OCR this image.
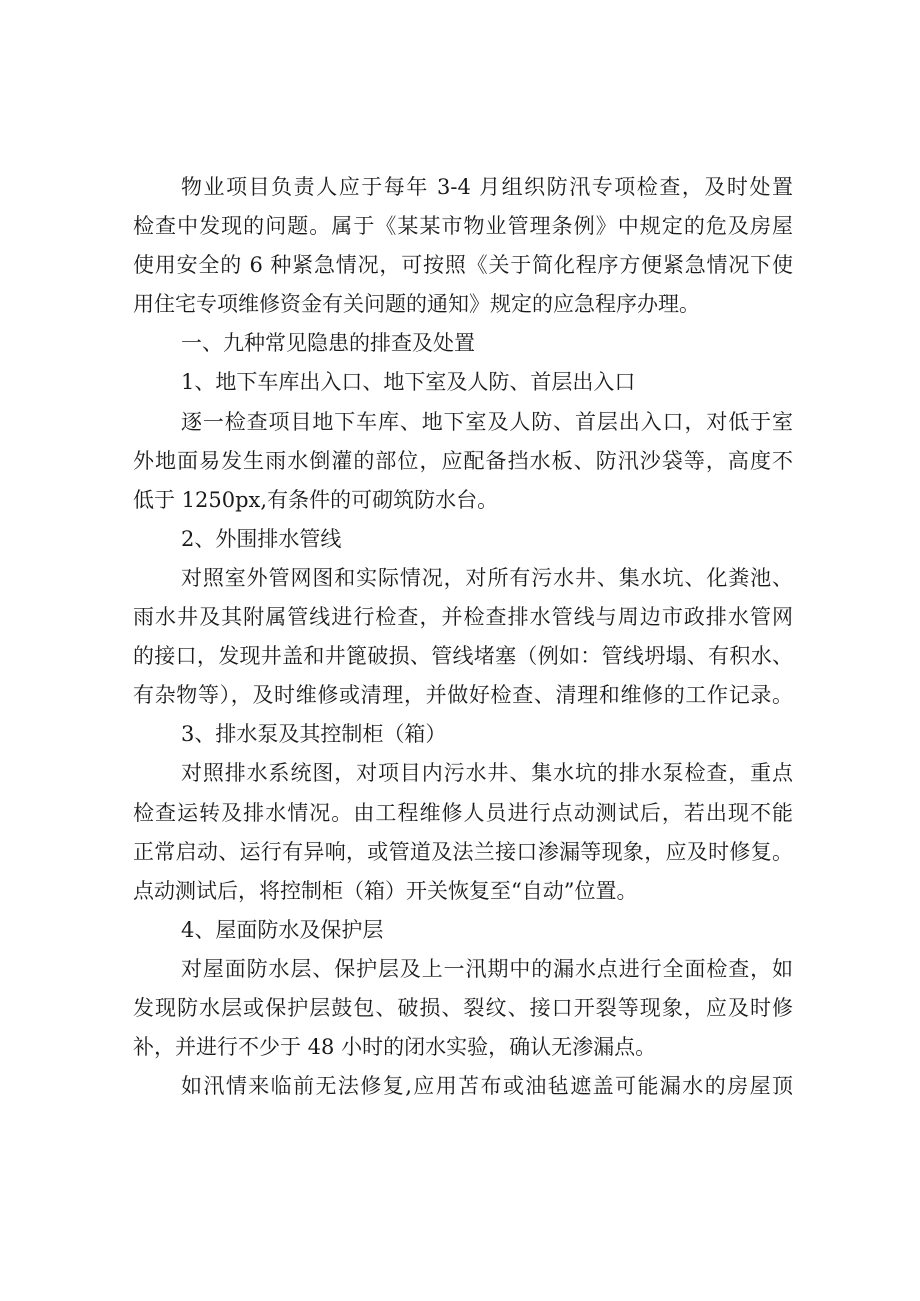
物业项目负责人应于每年 3-4 月组织防汛专项检查，及时处置
检查中发现的问题。属于《某某市物业管理条例》中规定的危及房屋
使用安全的 6 种紧急情况，可按照《关于简化程序方便紧急情况下使
用住宅专项维修资金有关问题的通知》规定的应急程序办理。
一、九种常见隐患的排查及处置
1、地下车库出入口、地下室及人防、首层出入口
逐一检查项目地下车库、地下室及人防、首层出入口，对低于室
外地面易发生雨水倒灌的部位，应配备挡水板、防汛沙袋等，高度不
低于 1250px,有条件的可砌筑防水台。
2、外围排水管线
对照室外管网图和实际情况，对所有污水井、集水坑、化粪池、
雨水井及其附属管线进行检查，并检查排水管线与周边市政排水管网
的接口，发现井盖和井篦破损、管线堵塞（例如：管线坍塌、有积水、
有杂物等），及时维修或清理，并做好检查、清理和维修的工作记录。
3、排水泵及其控制柜（箱）
对照排水系统图，对项目内污水井、集水坑的排水泵检查，重点
检查运转及排水情况。由工程维修人员进行点动测试后，若出现不能
正常启动、运行有异响，或管道及法兰接口渗漏等现象，应及时修复。
点动测试后，将控制柜（箱）开关恢复至“自动”位置。
4、屋面防水及保护层
对屋面防水层、保护层及上一汛期中的漏水点进行全面检查，如
发现防水层或保护层鼓包、破损、裂纹、接口开裂等现象，应及时修
补，并进行不少于 48 小时的闭水实验，确认无渗漏点。
如汛情来临前无法修复,应用苫布或油毡遮盖可能漏水的房屋顶
